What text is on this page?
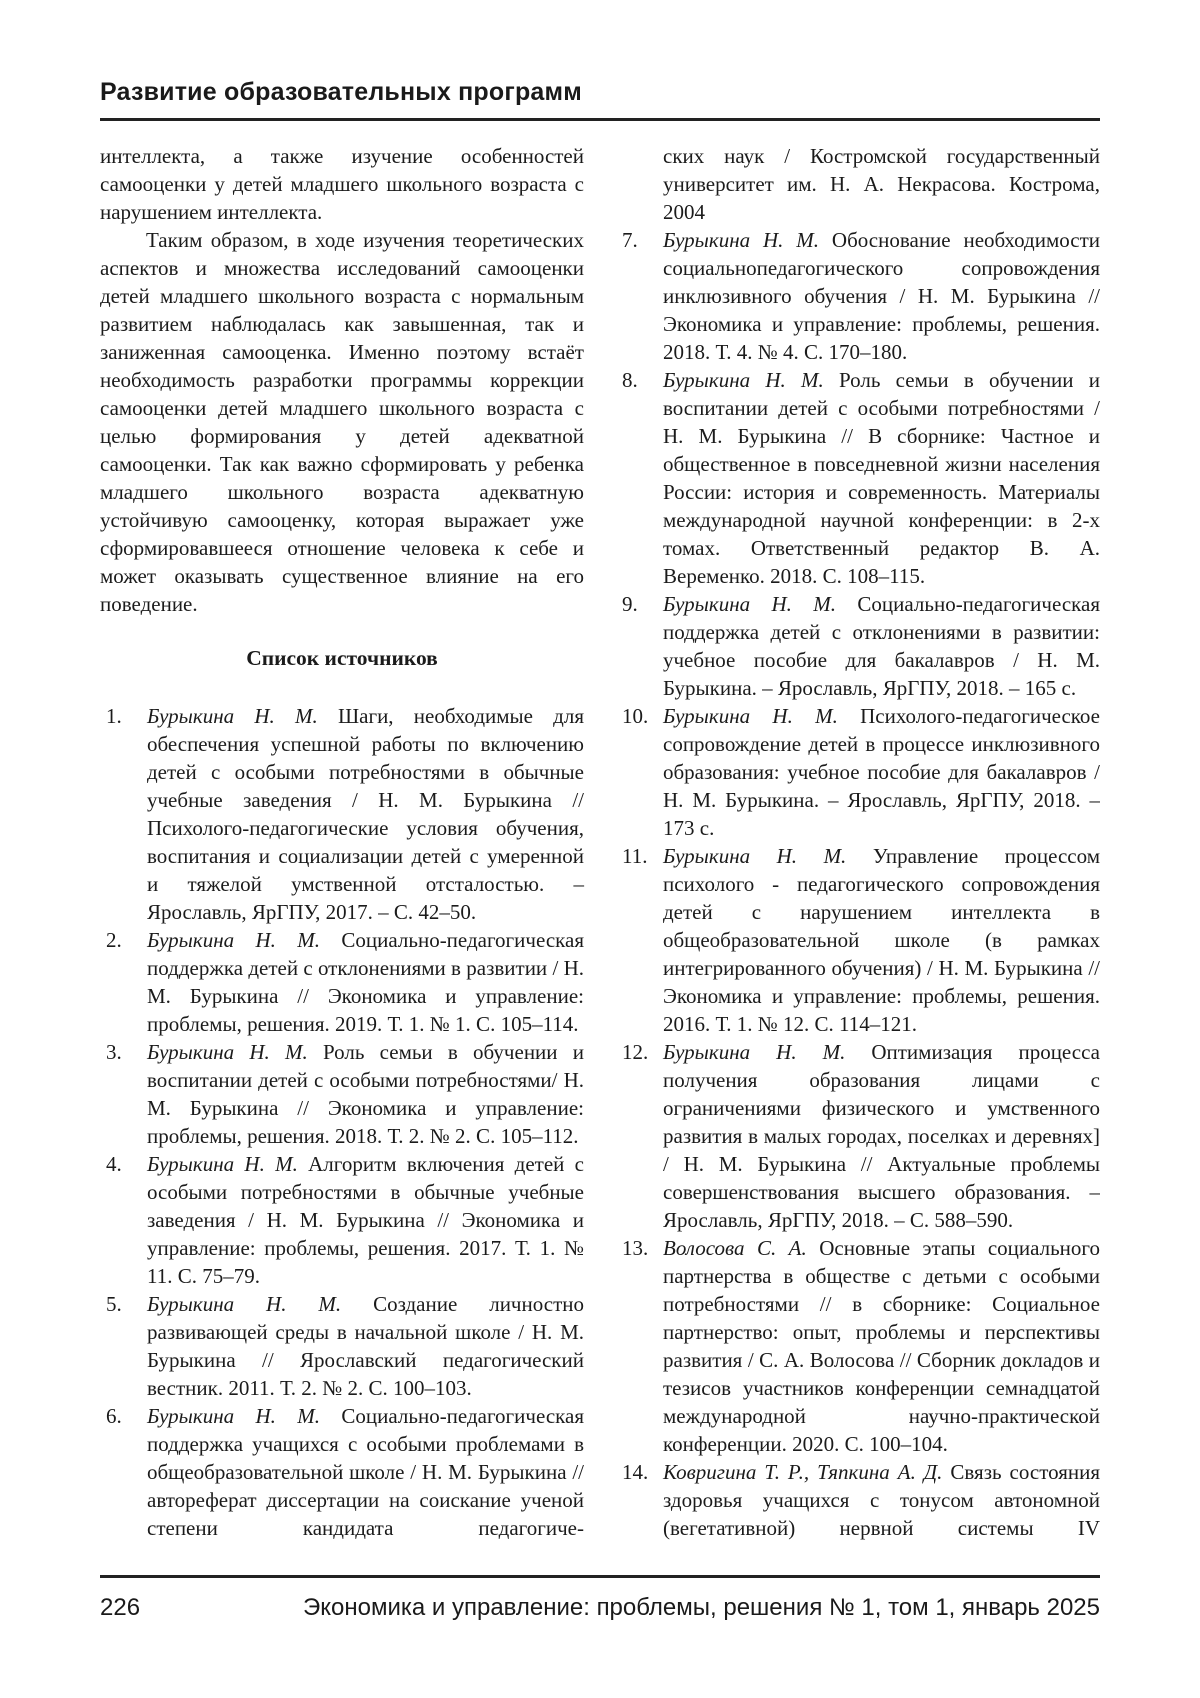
Развитие образовательных программ

интеллекта, а также изучение особенностей самооценки у детей младшего школьного возраста с нарушением интеллекта.

Таким образом, в ходе изучения теоретических аспектов и множества исследований самооценки детей младшего школьного возраста с нормальным развитием наблюдалась как завышенная, так и заниженная самооценка. Именно поэтому встаёт необходимость разработки программы коррекции самооценки детей младшего школьного возраста с целью формирования у детей адекватной самооценки. Так как важно сформировать у ребенка младшего школьного возраста адекватную устойчивую самооценку, которая выражает уже сформировавшееся отношение человека к себе и может оказывать существенное влияние на его поведение.

Список источников
1. Бурыкина Н. М. Шаги, необходимые для обеспечения успешной работы по включению детей с особыми потребностями в обычные учебные заведения / Н. М. Бурыкина // Психолого-педагогические условия обучения, воспитания и социализации детей с умеренной и тяжелой умственной отсталостью. – Ярославль, ЯрГПУ, 2017. – С. 42–50.
2. Бурыкина Н. М. Социально-педагогическая поддержка детей с отклонениями в развитии / Н. М. Бурыкина // Экономика и управление: проблемы, решения. 2019. Т. 1. № 1. С. 105–114.
3. Бурыкина Н. М. Роль семьи в обучении и воспитании детей с особыми потребностями/ Н. М. Бурыкина // Экономика и управление: проблемы, решения. 2018. Т. 2. № 2. С. 105–112.
4. Бурыкина Н. М. Алгоритм включения детей с особыми потребностями в обычные учебные заведения / Н. М. Бурыкина // Экономика и управление: проблемы, решения. 2017. Т. 1. № 11. С. 75–79.
5. Бурыкина Н. М. Создание личностно развивающей среды в начальной школе / Н. М. Бурыкина // Ярославский педагогический вестник. 2011. Т. 2. № 2. С. 100–103.
6. Бурыкина Н. М. Социально-педагогическая поддержка учащихся с особыми проблемами в общеобразовательной школе / Н. М. Бурыкина // автореферат диссертации на соискание ученой степени кандидата педагогиче-
ских наук / Костромской государственный университет им. Н. А. Некрасова. Кострома, 2004
7. Бурыкина Н. М. Обоснование необходимости социальнопедагогического сопровождения инклюзивного обучения / Н. М. Бурыкина // Экономика и управление: проблемы, решения. 2018. Т. 4. № 4. С. 170–180.
8. Бурыкина Н. М. Роль семьи в обучении и воспитании детей с особыми потребностями / Н. М. Бурыкина // В сборнике: Частное и общественное в повседневной жизни населения России: история и современность. Материалы международной научной конференции: в 2-х томах. Ответственный редактор В. А. Веременко. 2018. С. 108–115.
9. Бурыкина Н. М. Социально-педагогическая поддержка детей с отклонениями в развитии: учебное пособие для бакалавров / Н. М. Бурыкина. – Ярославль, ЯрГПУ, 2018. – 165 с.
10. Бурыкина Н. М. Психолого-педагогическое сопровождение детей в процессе инклюзивного образования: учебное пособие для бакалавров / Н. М. Бурыкина. – Ярославль, ЯрГПУ, 2018. – 173 с.
11. Бурыкина Н. М. Управление процессом психолого - педагогического сопровождения детей с нарушением интеллекта в общеобразовательной школе (в рамках интегрированного обучения) / Н. М. Бурыкина // Экономика и управление: проблемы, решения. 2016. Т. 1. № 12. С. 114–121.
12. Бурыкина Н. М. Оптимизация процесса получения образования лицами с ограничениями физического и умственного развития в малых городах, поселках и деревнях] / Н. М. Бурыкина // Актуальные проблемы совершенствования высшего образования. – Ярославль, ЯрГПУ, 2018. – С. 588–590.
13. Волосова С. А. Основные этапы социального партнерства в обществе с детьми с особыми потребностями // в сборнике: Социальное партнерство: опыт, проблемы и перспективы развития / С. А. Волосова // Сборник докладов и тезисов участников конференции семнадцатой международной научно-практической конференции. 2020. С. 100–104.
14. Ковригина Т. Р., Тяпкина А. Д. Связь состояния здоровья учащихся с тонусом автономной (вегетативной) нервной системы IV
226	Экономика и управление: проблемы, решения № 1, том 1, январь 2025
